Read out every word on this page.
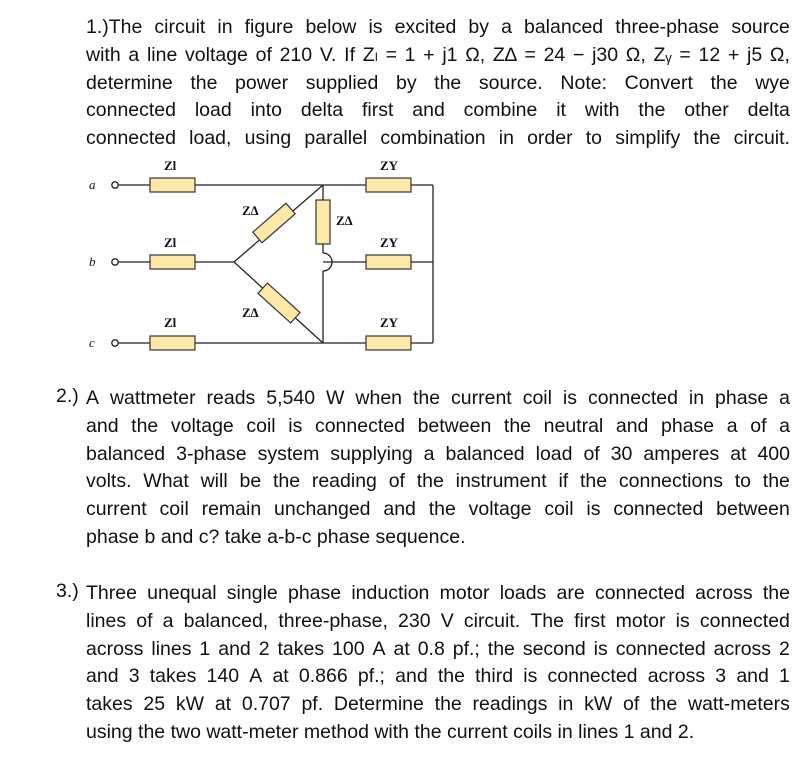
1.)The circuit in figure below is excited by a balanced three-phase source
with a line voltage of 210 V. If Zₗ = 1 + j1 Ω, Z∆ = 24 − j30 Ω, Zᵧ = 12 + j5 Ω,
determine the power supplied by the source. Note: Convert the wye
connected load into delta first and combine it with the other delta
connected load, using parallel combination in order to simplify the circuit.
a
b
c
Zl
Zl
Zl
ZY
ZY
ZY
Z∆
Z∆
Z∆
2.) A wattmeter reads 5,540 W when the current coil is connected in phase a
and the voltage coil is connected between the neutral and phase a of a
balanced 3-phase system supplying a balanced load of 30 amperes at 400
volts. What will be the reading of the instrument if the connections to the
current coil remain unchanged and the voltage coil is connected between
phase b and c? take a-b-c phase sequence.
3.) Three unequal single phase induction motor loads are connected across the
lines of a balanced, three-phase, 230 V circuit. The first motor is connected
across lines 1 and 2 takes 100 A at 0.8 pf.; the second is connected across 2
and 3 takes 140 A at 0.866 pf.; and the third is connected across 3 and 1
takes 25 kW at 0.707 pf. Determine the readings in kW of the watt-meters
using the two watt-meter method with the current coils in lines 1 and 2.
